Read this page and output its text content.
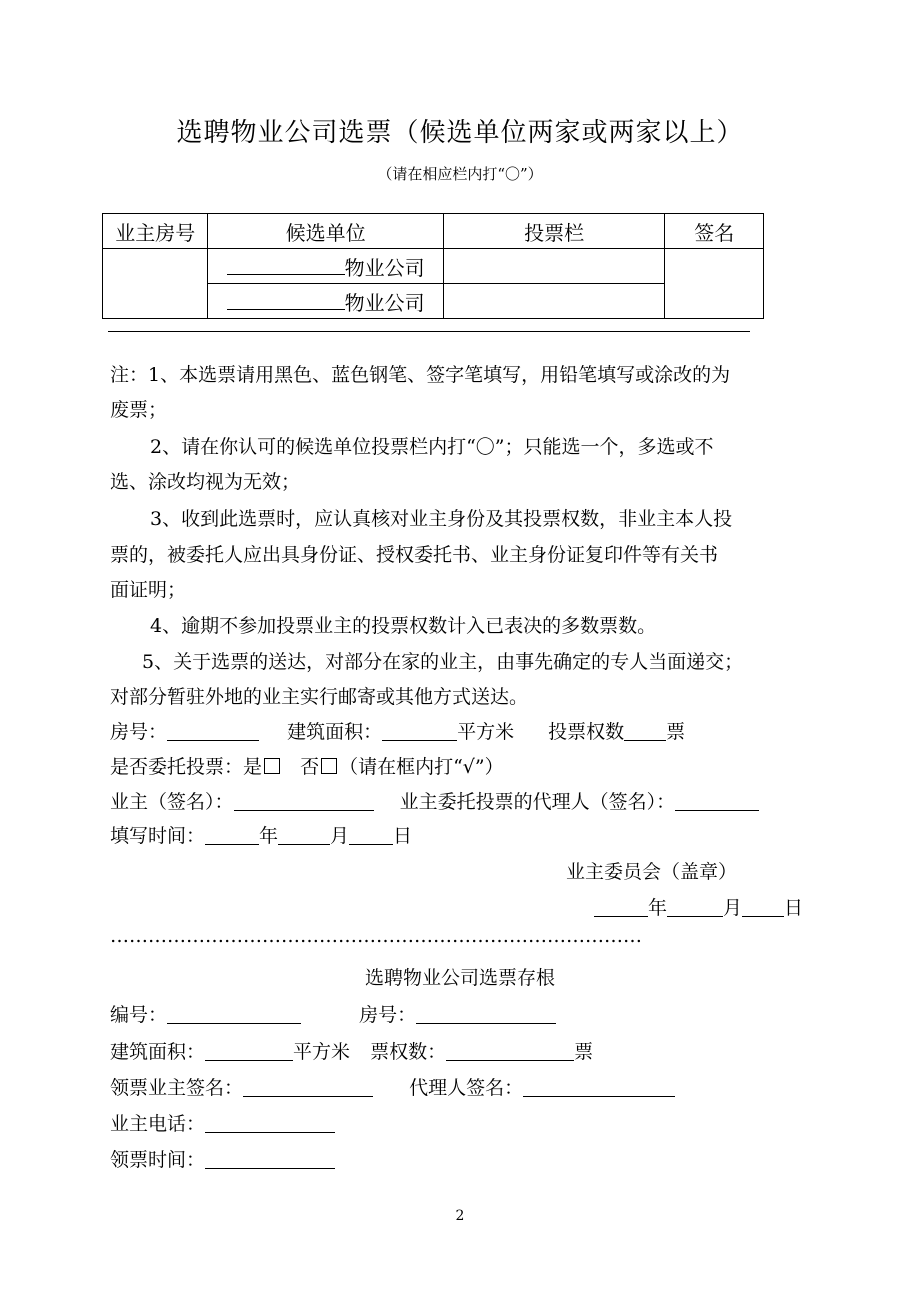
选聘物业公司选票（候选单位两家或两家以上）
（请在相应栏内打“〇”）
业主房号	候选单位	投票栏	签名
	物业公司		
	物业公司		
注：1、本选票请用黑色、蓝色钢笔、签字笔填写，用铅笔填写或涂改的为
废票；
2、请在你认可的候选单位投票栏内打“〇”；只能选一个，多选或不
选、涂改均视为无效；
3、收到此选票时，应认真核对业主身份及其投票权数，非业主本人投
票的，被委托人应出具身份证、授权委托书、业主身份证复印件等有关书
面证明；
4、逾期不参加投票业主的投票权数计入已表决的多数票数。
5、关于选票的送达，对部分在家的业主，由事先确定的专人当面递交；
对部分暂驻外地的业主实行邮寄或其他方式送达。
房号：	建筑面积：	平方米 投票权数 票
是否委托投票：是 否 （请在框内打“√”）
业主（签名）：	业主委托投票的代理人（签名）：
填写时间：	年	月 日
业主委员会（盖章）
年	月 日
…………………………………………………………………………
选聘物业公司选票存根
编号：	房号：
建筑面积：	平方米 票权数：	票
领票业主签名：	代理人签名：
业主电话：
领票时间：
2
